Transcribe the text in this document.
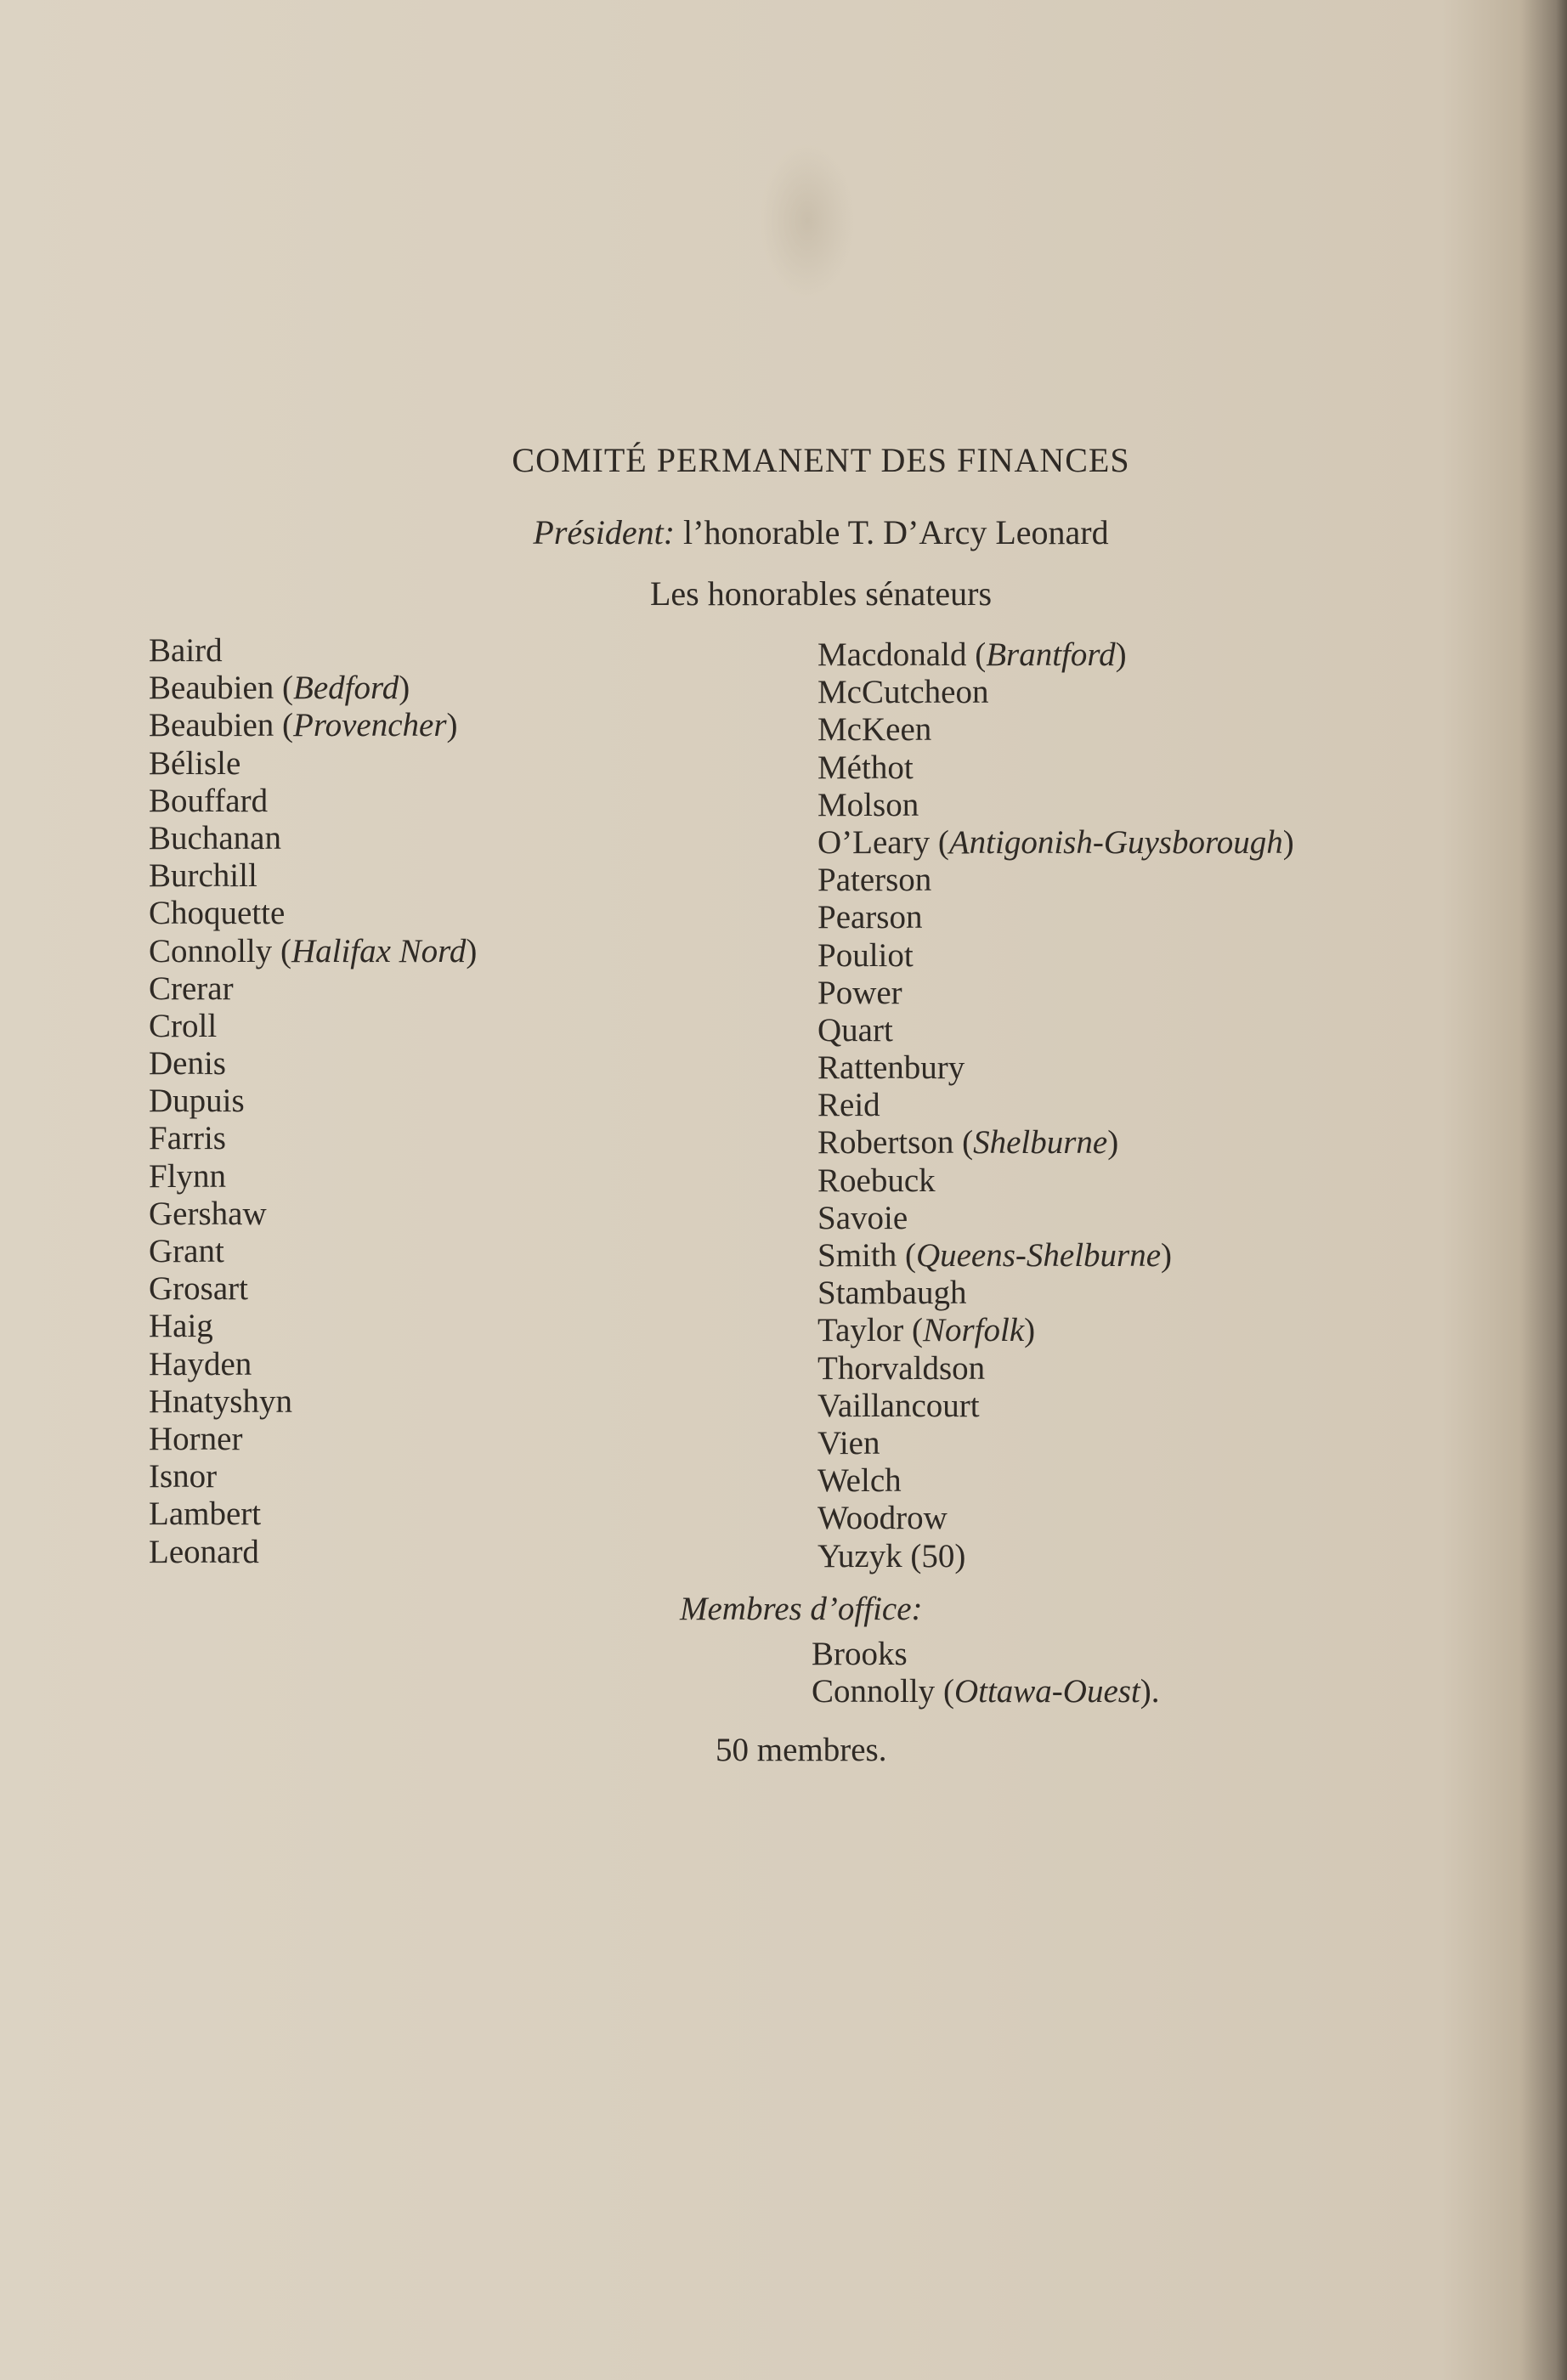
COMITÉ PERMANENT DES FINANCES
Président: l’honorable T. D’Arcy Leonard
Les honorables sénateurs
Baird
Beaubien (Bedford)
Beaubien (Provencher)
Bélisle
Bouffard
Buchanan
Burchill
Choquette
Connolly (Halifax Nord)
Crerar
Croll
Denis
Dupuis
Farris
Flynn
Gershaw
Grant
Grosart
Haig
Hayden
Hnatyshyn
Horner
Isnor
Lambert
Leonard
Macdonald (Brantford)
McCutcheon
McKeen
Méthot
Molson
O’Leary (Antigonish-Guysborough)
Paterson
Pearson
Pouliot
Power
Quart
Rattenbury
Reid
Robertson (Shelburne)
Roebuck
Savoie
Smith (Queens-Shelburne)
Stambaugh
Taylor (Norfolk)
Thorvaldson
Vaillancourt
Vien
Welch
Woodrow
Yuzyk (50)
Membres d’office:
Brooks
Connolly (Ottawa-Ouest).
50 membres.
